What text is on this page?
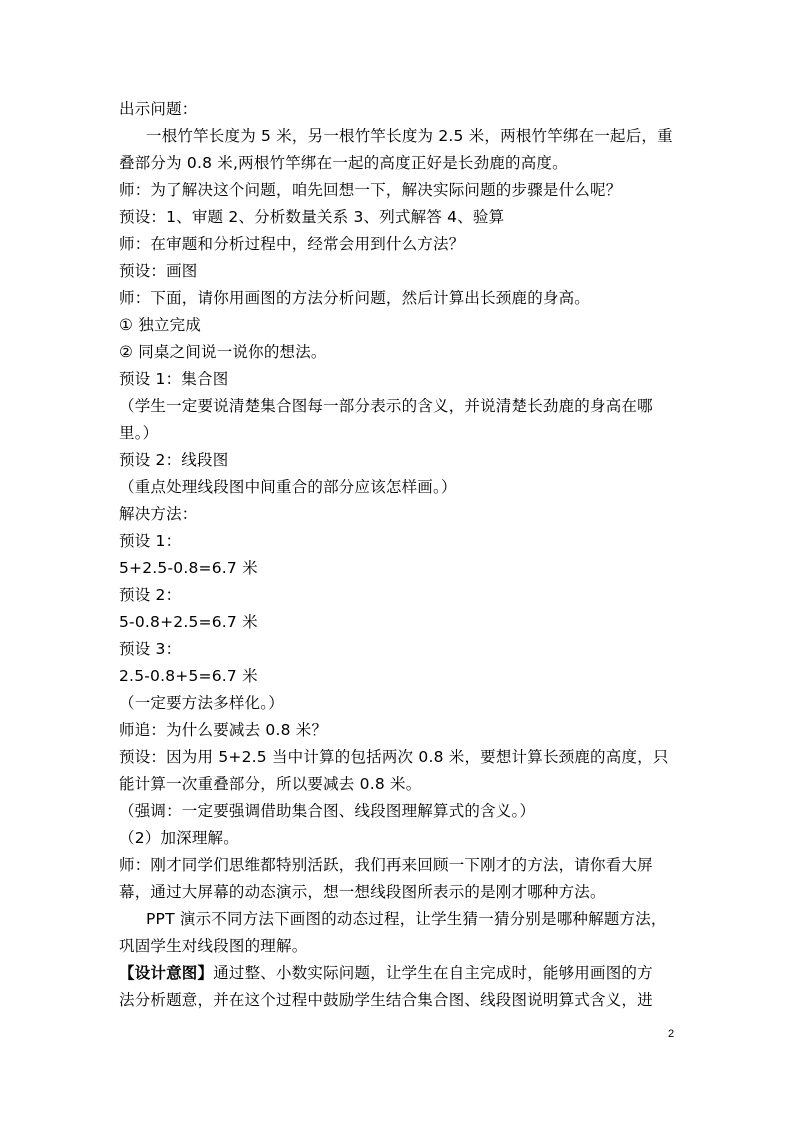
出示问题：
一根竹竿长度为 5 米，另一根竹竿长度为 2.5 米，两根竹竿绑在一起后，重
叠部分为 0.8 米,两根竹竿绑在一起的高度正好是长劲鹿的高度。
师：为了解决这个问题，咱先回想一下，解决实际问题的步骤是什么呢？
预设：1、审题 2、分析数量关系 3、列式解答 4、验算
师：在审题和分析过程中，经常会用到什么方法？
预设：画图
师：下面，请你用画图的方法分析问题，然后计算出长颈鹿的身高。
① 独立完成
② 同桌之间说一说你的想法。
预设 1：集合图
（学生一定要说清楚集合图每一部分表示的含义，并说清楚长劲鹿的身高在哪
里。）
预设 2：线段图
（重点处理线段图中间重合的部分应该怎样画。）
解决方法：
预设 1：
5+2.5-0.8=6.7 米
预设 2：
5-0.8+2.5=6.7 米
预设 3：
2.5-0.8+5=6.7 米
（一定要方法多样化。）
师追：为什么要减去 0.8 米？
预设：因为用 5+2.5 当中计算的包括两次 0.8 米，要想计算长颈鹿的高度，只
能计算一次重叠部分，所以要减去 0.8 米。
（强调：一定要强调借助集合图、线段图理解算式的含义。）
（2）加深理解。
师：刚才同学们思维都特别活跃，我们再来回顾一下刚才的方法，请你看大屏
幕，通过大屏幕的动态演示，想一想线段图所表示的是刚才哪种方法。
PPT 演示不同方法下画图的动态过程，让学生猜一猜分别是哪种解题方法，
巩固学生对线段图的理解。
【设计意图】通过整、小数实际问题，让学生在自主完成时，能够用画图的方
法分析题意，并在这个过程中鼓励学生结合集合图、线段图说明算式含义，进
2
